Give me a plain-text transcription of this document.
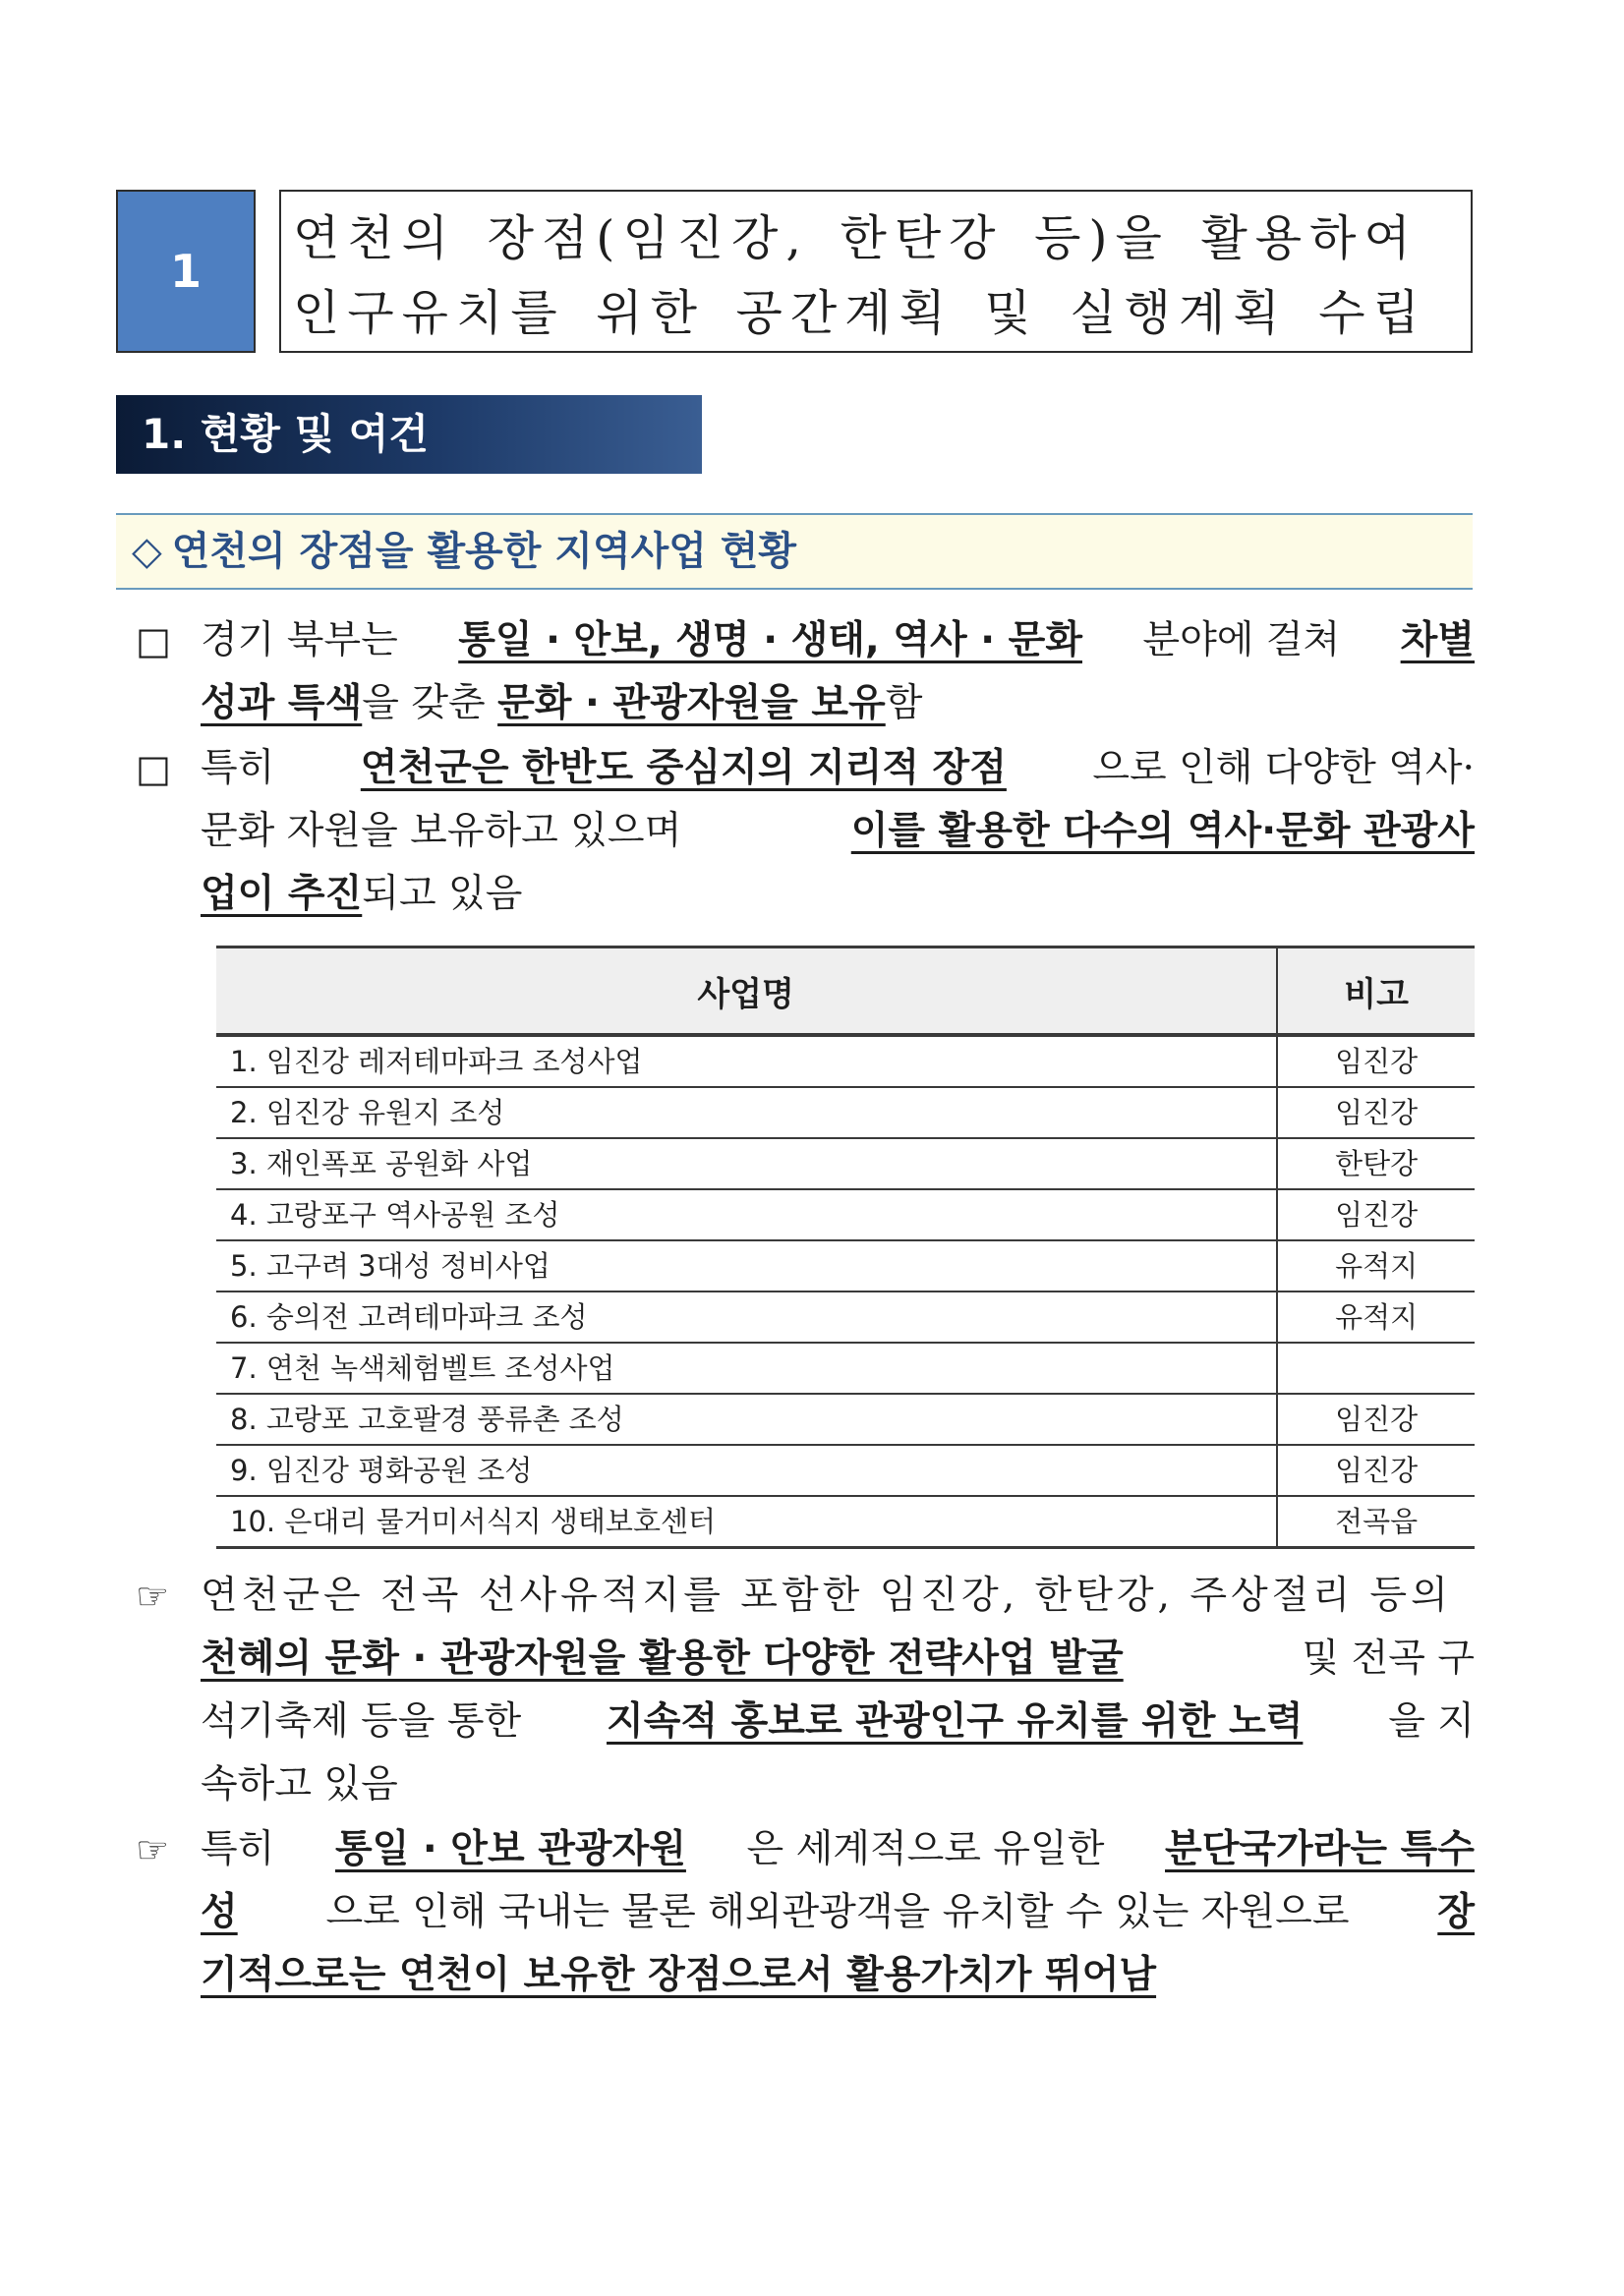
1
연천의 장점(임진강, 한탄강 등)을 활용하여
인구유치를 위한 공간계획 및 실행계획 수립
1. 현황 및 여건
◇ 연천의 장점을 활용한 지역사업 현황
□ 경기 북부는 통일 · 안보, 생명 · 생태, 역사 · 문화 분야에 걸쳐 차별
성과 특색을 갖춘 문화 · 관광자원을 보유함
□ 특히 연천군은 한반도 중심지의 지리적 장점 으로 인해 다양한 역사·
문화 자원을 보유하고 있으며	이를 활용한 다수의 역사·문화 관광사
업이 추진되고 있음
사업명	비고
1. 임진강 레저테마파크 조성사업	임진강
2. 임진강 유원지 조성	임진강
3. 재인폭포 공원화 사업	한탄강
4. 고랑포구 역사공원 조성	임진강
5. 고구려 3대성 정비사업	유적지
6. 숭의전 고려테마파크 조성	유적지
7. 연천 녹색체험벨트 조성사업	
8. 고랑포 고호팔경 풍류촌 조성	임진강
9. 임진강 평화공원 조성	임진강
10. 은대리 물거미서식지 생태보호센터	전곡읍
☞ 연천군은 전곡 선사유적지를 포함한 임진강, 한탄강, 주상절리 등의
천혜의 문화 · 관광자원을 활용한 다양한 전략사업 발굴	및 전곡 구
석기축제 등을 통한 지속적 홍보로 관광인구 유치를 위한 노력 을 지
속하고 있음
☞ 특히 통일 · 안보 관광자원 은 세계적으로 유일한 분단국가라는 특수
성 으로 인해 국내는 물론 해외관광객을 유치할 수 있는 자원으로 장
기적으로는 연천이 보유한 장점으로서 활용가치가 뛰어남
